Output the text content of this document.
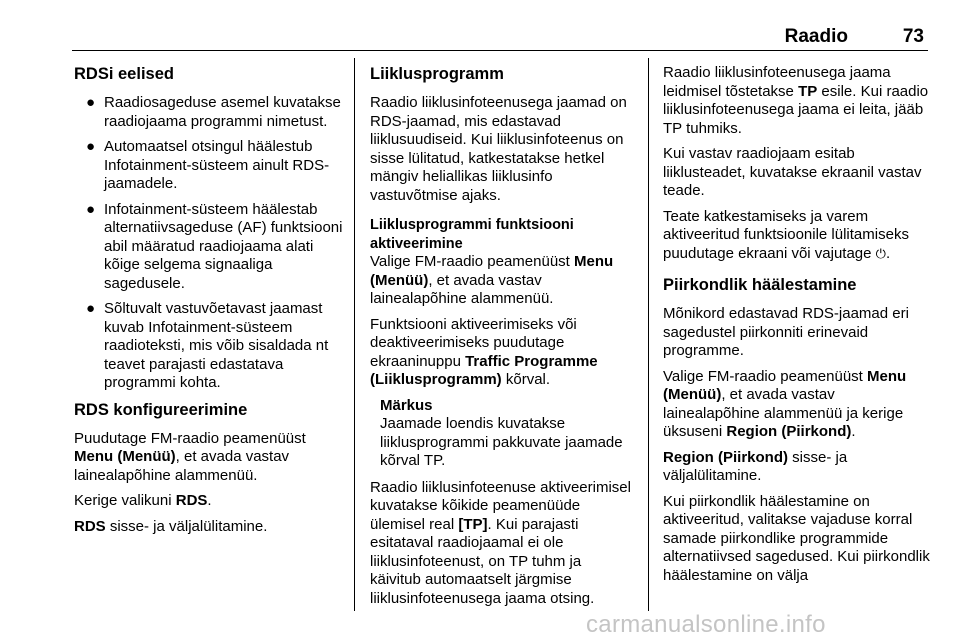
Raadio	73
RDSi eelised
● Raadiosageduse asemel kuvatakse raadiojaama programmi nimetust.
● Automaatsel otsingul häälestub Infotainment-süsteem ainult RDS-jaamadele.
● Infotainment-süsteem häälestab alternatiivsageduse (AF) funktsiooni abil määratud raadiojaama alati kõige selgema signaaliga sagedusele.
● Sõltuvalt vastuvõetavast jaamast kuvab Infotainment-süsteem raadioteksti, mis võib sisaldada nt teavet parajasti edastatava programmi kohta.
RDS konfigureerimine

Puudutage FM-raadio peamenüüst Menu (Menüü), et avada vastav lainealapõhine alammenüü.

Kerige valikuni RDS.

RDS sisse- ja väljalülitamine.

Liiklusprogramm

Raadio liiklusinfoteenusega jaamad on RDS-jaamad, mis edastavad liiklusuudiseid. Kui liiklusinfoteenus on sisse lülitatud, katkestatakse hetkel mängiv heliallikas liiklusinfo vastuvõtmise ajaks.

Liiklusprogrammi funktsiooni aktiveerimine

Valige FM-raadio peamenüüst Menu (Menüü), et avada vastav lainealapõhine alammenüü.

Funktsiooni aktiveerimiseks või deaktiveerimiseks puudutage ekraaninuppu Traffic Programme (Liiklusprogramm) kõrval.

Märkus
Jaamade loendis kuvatakse liiklusprogrammi pakkuvate jaamade kõrval TP.

Raadio liiklusinfoteenuse aktiveerimisel kuvatakse kõikide peamenüüde ülemisel real [TP]. Kui parajasti esitataval raadiojaamal ei ole liiklusinfoteenust, on TP tuhm ja käivitub automaatselt järgmise liiklusinfoteenusega jaama otsing.

Raadio liiklusinfoteenusega jaama leidmisel tõstetakse TP esile. Kui raadio liiklusinfoteenusega jaama ei leita, jääb TP tuhmiks.

Kui vastav raadiojaam esitab liiklusteadet, kuvatakse ekraanil vastav teade.

Teate katkestamiseks ja varem aktiveeritud funktsioonile lülitamiseks puudutage ekraani või vajutage ⏻.

Piirkondlik häälestamine

Mõnikord edastavad RDS-jaamad eri sagedustel piirkonniti erinevaid programme.

Valige FM-raadio peamenüüst Menu (Menüü), et avada vastav lainealapõhine alammenüü ja kerige üksuseni Region (Piirkond).

Region (Piirkond) sisse- ja väljalülitamine.

Kui piirkondlik häälestamine on aktiveeritud, valitakse vajaduse korral samade piirkondlike programmide alternatiivsed sagedused. Kui piirkondlik häälestamine on välja

carmanualsonline.info
